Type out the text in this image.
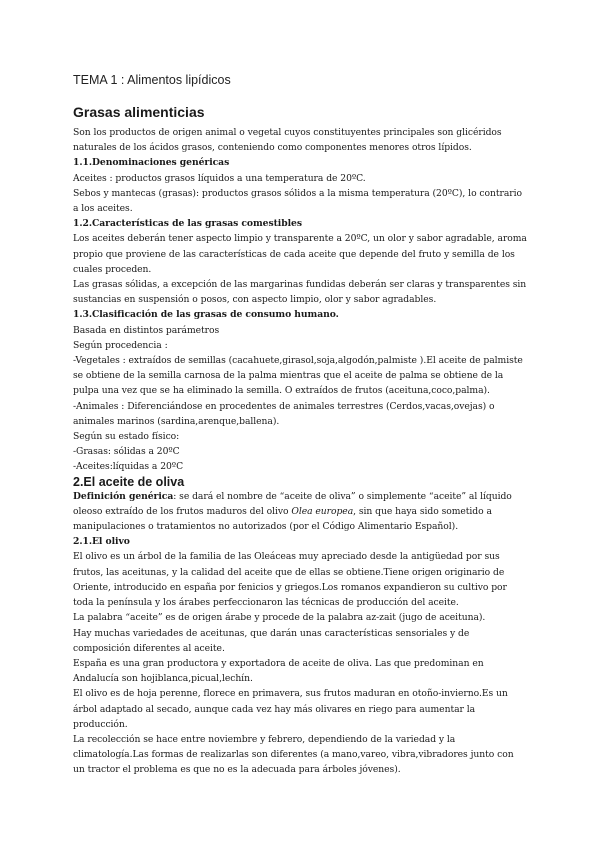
TEMA 1 : Alimentos lipídicos
Grasas alimenticias

Son los productos de origen animal o vegetal cuyos constituyentes principales son glicéridos naturales de los ácidos grasos, conteniendo como componentes menores otros lípidos.

1.1.Denominaciones genéricas

Aceites : productos grasos líquidos a una temperatura de 20ºC.

Sebos y mantecas (grasas): productos grasos sólidos a la misma temperatura (20ºC), lo contrario a los aceites.

1.2.Características de las grasas comestibles

Los aceites deberán tener aspecto limpio y transparente a 20ºC, un olor y sabor agradable, aroma propio que proviene de las características de cada aceite que depende del fruto y semilla de los cuales proceden.

Las grasas sólidas, a excepción de las margarinas fundidas deberán ser claras y transparentes sin sustancias en suspensión o posos, con aspecto limpio, olor y sabor agradables.

1.3.Clasificación de las grasas de consumo humano.

Basada en distintos parámetros

Según procedencia :

-Vegetales : extraídos de semillas (cacahuete,girasol,soja,algodón,palmiste ).El aceite de palmiste se obtiene de la semilla carnosa de la palma mientras que el aceite de palma se obtiene de la pulpa una vez que se ha eliminado la semilla. O extraídos de frutos (aceituna,coco,palma).

-Animales : Diferenciándose en procedentes de animales terrestres (Cerdos,vacas,ovejas) o animales marinos (sardina,arenque,ballena).

Según su estado físico:

-Grasas: sólidas a 20ºC

-Aceites:líquidas a 20ºC

2.El aceite de oliva

Definición genérica: se dará el nombre de “aceite de oliva” o simplemente “aceite” al líquido oleoso extraído de los frutos maduros del olivo Olea europea, sin que haya sido sometido a manipulaciones o tratamientos no autorizados (por el Código Alimentario Español).

2.1.El olivo

El olivo es un árbol de la familia de las Oleáceas muy apreciado desde la antigüedad por sus frutos, las aceitunas, y la calidad del aceite que de ellas se obtiene.Tiene origen originario de Oriente, introducido en españa por fenicios y griegos.Los romanos expandieron su cultivo por toda la península y los árabes perfeccionaron las técnicas de producción del aceite.

La palabra “aceite” es de origen árabe y procede de la palabra az-zait (jugo de aceituna).

Hay muchas variedades de aceitunas, que darán unas características sensoriales y de composición diferentes al aceite.

España es una gran productora y exportadora de aceite de oliva. Las que predominan en Andalucía son hojiblanca,picual,lechín.

El olivo es de hoja perenne, florece en primavera, sus frutos maduran en otoño-invierno.Es un árbol adaptado al secado, aunque cada vez hay más olivares en riego para aumentar la producción.

La recolección se hace entre noviembre y febrero, dependiendo de la variedad y la climatología.Las formas de realizarlas son diferentes (a mano,vareo, vibra,vibradores junto con un tractor el problema es que no es la adecuada para árboles jóvenes).
